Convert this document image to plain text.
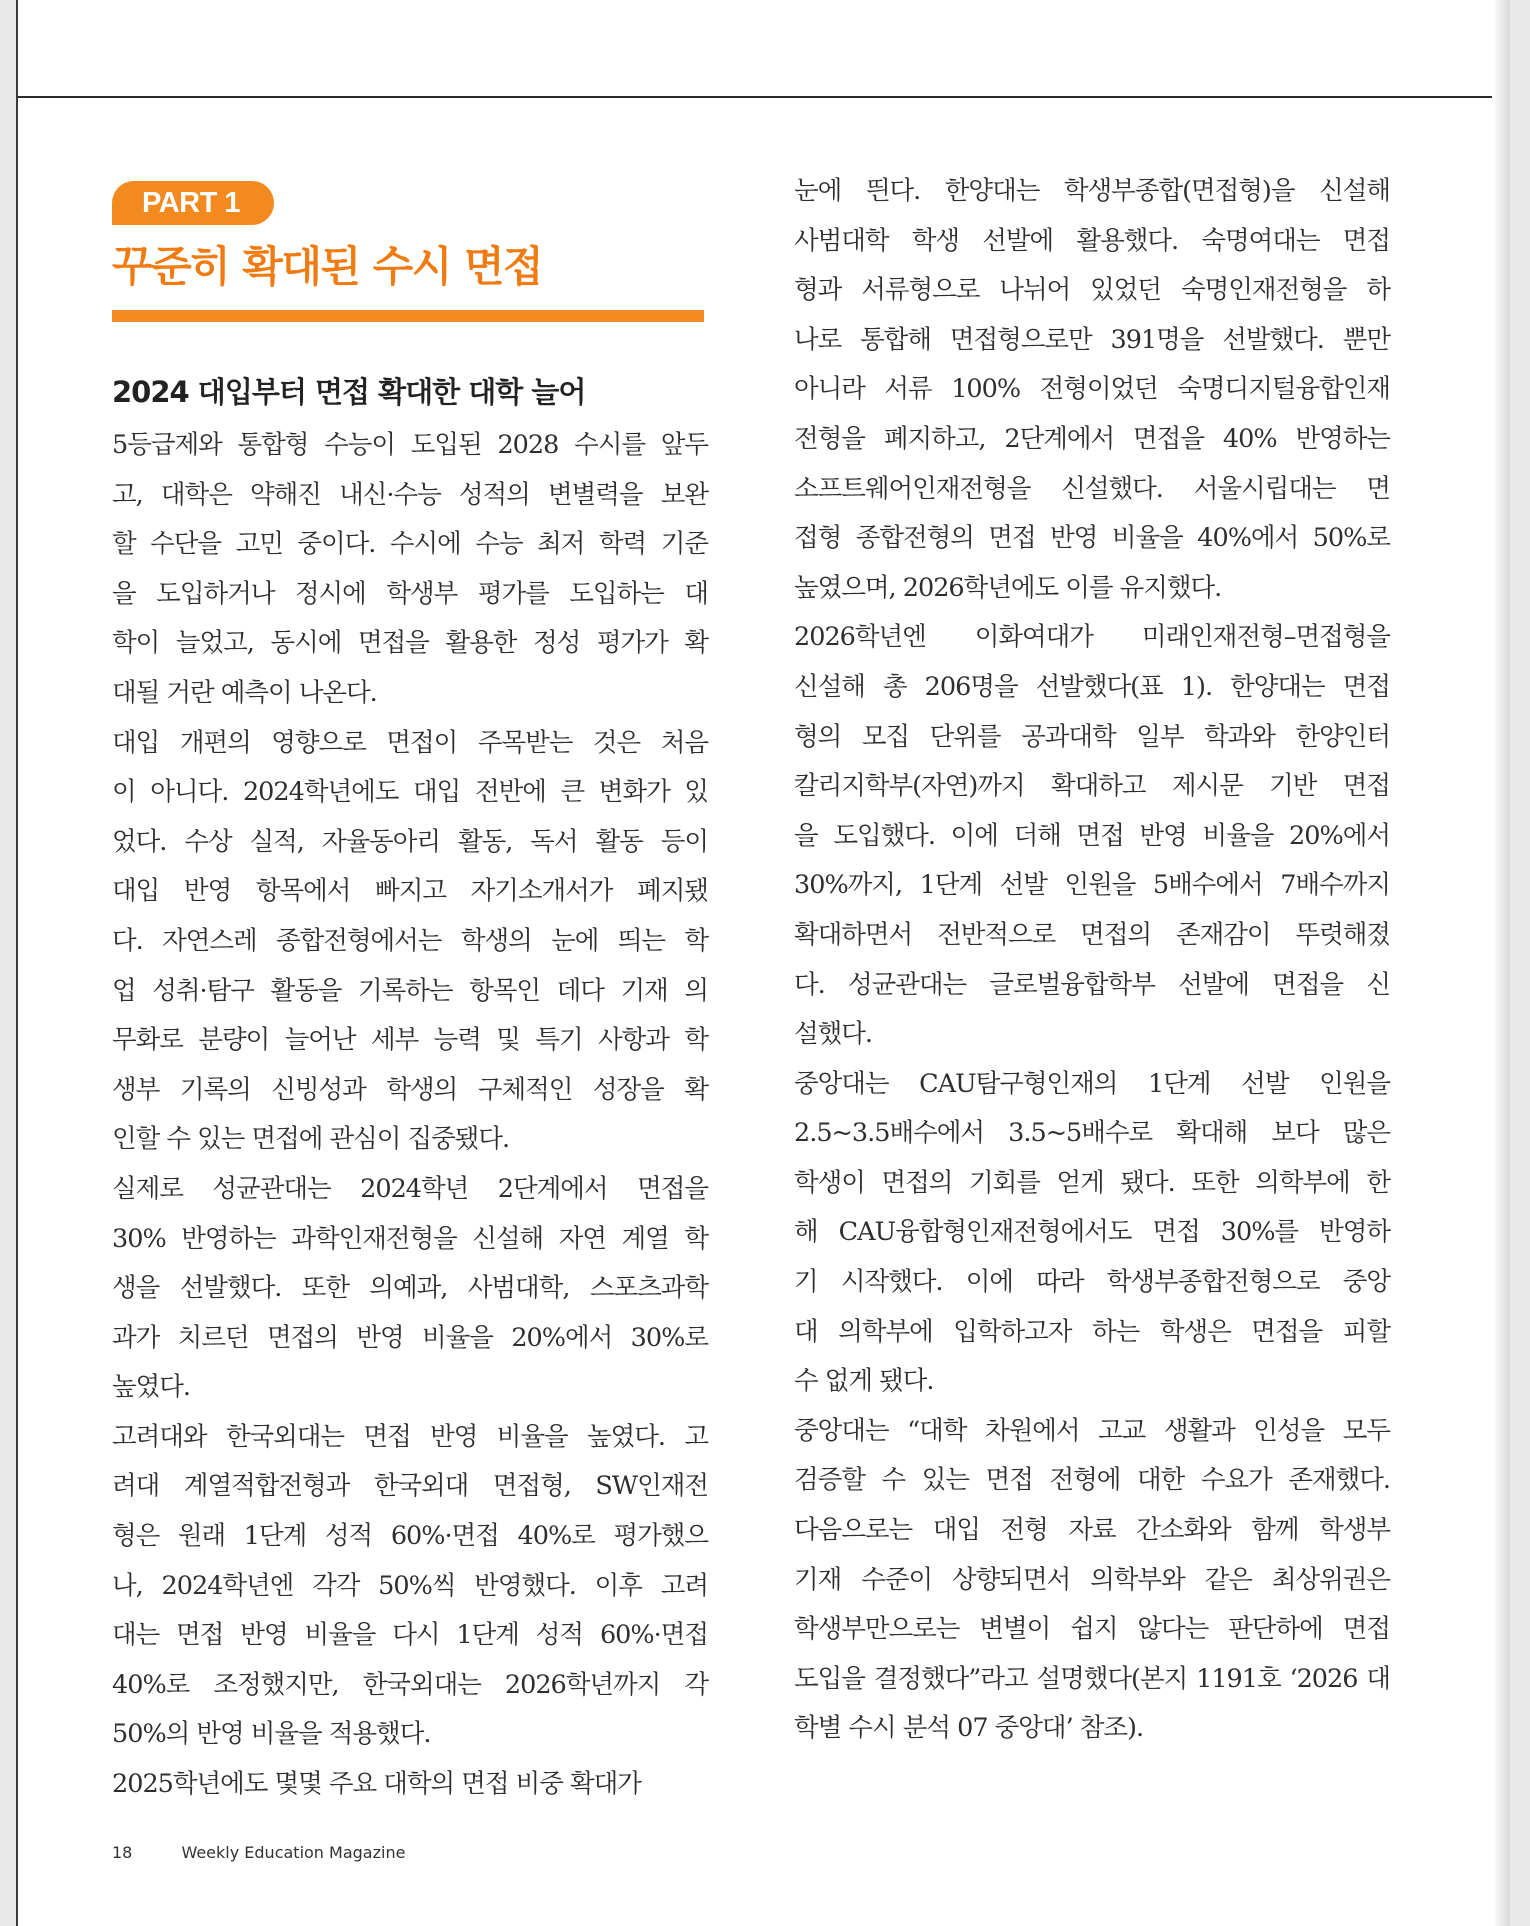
PART 1
꾸준히 확대된 수시 면접
2024 대입부터 면접 확대한 대학 늘어
5등급제와 통합형 수능이 도입된 2028 수시를 앞두
고, 대학은 약해진 내신·수능 성적의 변별력을 보완
할 수단을 고민 중이다. 수시에 수능 최저 학력 기준
을 도입하거나 정시에 학생부 평가를 도입하는 대
학이 늘었고, 동시에 면접을 활용한 정성 평가가 확
대될 거란 예측이 나온다.
대입 개편의 영향으로 면접이 주목받는 것은 처음
이 아니다. 2024학년에도 대입 전반에 큰 변화가 있
었다. 수상 실적, 자율동아리 활동, 독서 활동 등이
대입 반영 항목에서 빠지고 자기소개서가 폐지됐
다. 자연스레 종합전형에서는 학생의 눈에 띄는 학
업 성취·탐구 활동을 기록하는 항목인 데다 기재 의
무화로 분량이 늘어난 세부 능력 및 특기 사항과 학
생부 기록의 신빙성과 학생의 구체적인 성장을 확
인할 수 있는 면접에 관심이 집중됐다.
실제로 성균관대는 2024학년 2단계에서 면접을
30% 반영하는 과학인재전형을 신설해 자연 계열 학
생을 선발했다. 또한 의예과, 사범대학, 스포츠과학
과가 치르던 면접의 반영 비율을 20%에서 30%로
높였다.
고려대와 한국외대는 면접 반영 비율을 높였다. 고
려대 계열적합전형과 한국외대 면접형, SW인재전
형은 원래 1단계 성적 60%·면접 40%로 평가했으
나, 2024학년엔 각각 50%씩 반영했다. 이후 고려
대는 면접 반영 비율을 다시 1단계 성적 60%·면접
40%로 조정했지만, 한국외대는 2026학년까지 각
50%의 반영 비율을 적용했다.
2025학년에도 몇몇 주요 대학의 면접 비중 확대가
눈에 띈다. 한양대는 학생부종합(면접형)을 신설해
사범대학 학생 선발에 활용했다. 숙명여대는 면접
형과 서류형으로 나뉘어 있었던 숙명인재전형을 하
나로 통합해 면접형으로만 391명을 선발했다. 뿐만
아니라 서류 100% 전형이었던 숙명디지털융합인재
전형을 폐지하고, 2단계에서 면접을 40% 반영하는
소프트웨어인재전형을 신설했다. 서울시립대는 면
접형 종합전형의 면접 반영 비율을 40%에서 50%로
높였으며, 2026학년에도 이를 유지했다.
2026학년엔 이화여대가 미래인재전형–면접형을
신설해 총 206명을 선발했다(표 1). 한양대는 면접
형의 모집 단위를 공과대학 일부 학과와 한양인터
칼리지학부(자연)까지 확대하고 제시문 기반 면접
을 도입했다. 이에 더해 면접 반영 비율을 20%에서
30%까지, 1단계 선발 인원을 5배수에서 7배수까지
확대하면서 전반적으로 면접의 존재감이 뚜렷해졌
다. 성균관대는 글로벌융합학부 선발에 면접을 신
설했다.
중앙대는 CAU탐구형인재의 1단계 선발 인원을
2.5~3.5배수에서 3.5~5배수로 확대해 보다 많은
학생이 면접의 기회를 얻게 됐다. 또한 의학부에 한
해 CAU융합형인재전형에서도 면접 30%를 반영하
기 시작했다. 이에 따라 학생부종합전형으로 중앙
대 의학부에 입학하고자 하는 학생은 면접을 피할
수 없게 됐다.
중앙대는 “대학 차원에서 고교 생활과 인성을 모두
검증할 수 있는 면접 전형에 대한 수요가 존재했다.
다음으로는 대입 전형 자료 간소화와 함께 학생부
기재 수준이 상향되면서 의학부와 같은 최상위권은
학생부만으로는 변별이 쉽지 않다는 판단하에 면접
도입을 결정했다”라고 설명했다(본지 1191호 ‘2026 대
학별 수시 분석 07 중앙대’ 참조).
18	Weekly Education Magazine
